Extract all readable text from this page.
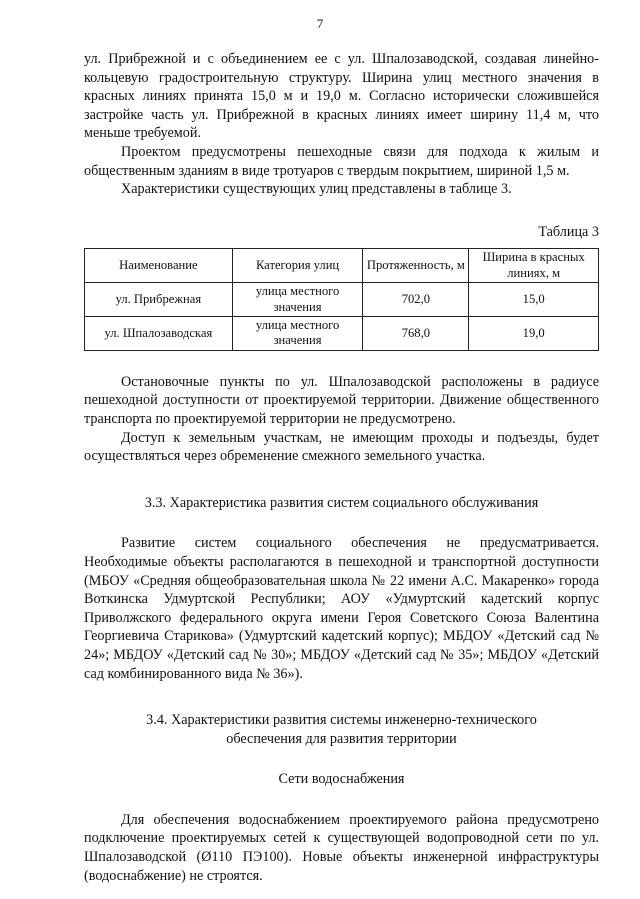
7

ул. Прибрежной и с объединением ее с ул. Шпалозаводской, создавая линейно-кольцевую градостроительную структуру. Ширина улиц местного значения в красных линиях принята 15,0 м и 19,0 м. Согласно исторически сложившейся застройке часть ул. Прибрежной в красных линиях имеет ширину 11,4 м, что меньше требуемой.

Проектом предусмотрены пешеходные связи для подхода к жилым и общественным зданиям в виде тротуаров с твердым покрытием, шириной 1,5 м.

Характеристики существующих улиц представлены в таблице 3.

Таблица 3

Наименование	Категория улиц	Протяженность, м	Ширина в красных линиях, м
ул. Прибрежная	улица местного значения	702,0	15,0
ул. Шпалозаводская	улица местного значения	768,0	19,0

Остановочные пункты по ул. Шпалозаводской расположены в радиусе пешеходной доступности от проектируемой территории. Движение общественного транспорта по проектируемой территории не предусмотрено.

Доступ к земельным участкам, не имеющим проходы и подъезды, будет осуществляться через обременение смежного земельного участка.

3.3. Характеристика развития систем социального обслуживания

Развитие систем социального обеспечения не предусматривается. Необходимые объекты располагаются в пешеходной и транспортной доступности (МБОУ «Средняя общеобразовательная школа № 22 имени А.С. Макаренко» города Воткинска Удмуртской Республики; АОУ «Удмуртский кадетский корпус Приволжского федерального округа имени Героя Советского Союза Валентина Георгиевича Старикова» (Удмуртский кадетский корпус); МБДОУ «Детский сад № 24»; МБДОУ «Детский сад № 30»; МБДОУ «Детский сад № 35»; МБДОУ «Детский сад комбинированного вида № 36»).

3.4. Характеристики развития системы инженерно-технического
обеспечения для развития территории

Сети водоснабжения

Для обеспечения водоснабжением проектируемого района предусмотрено подключение проектируемых сетей к существующей водопроводной сети по ул. Шпалозаводской (Ø110 ПЭ100). Новые объекты инженерной инфраструктуры (водоснабжение) не строятся.
